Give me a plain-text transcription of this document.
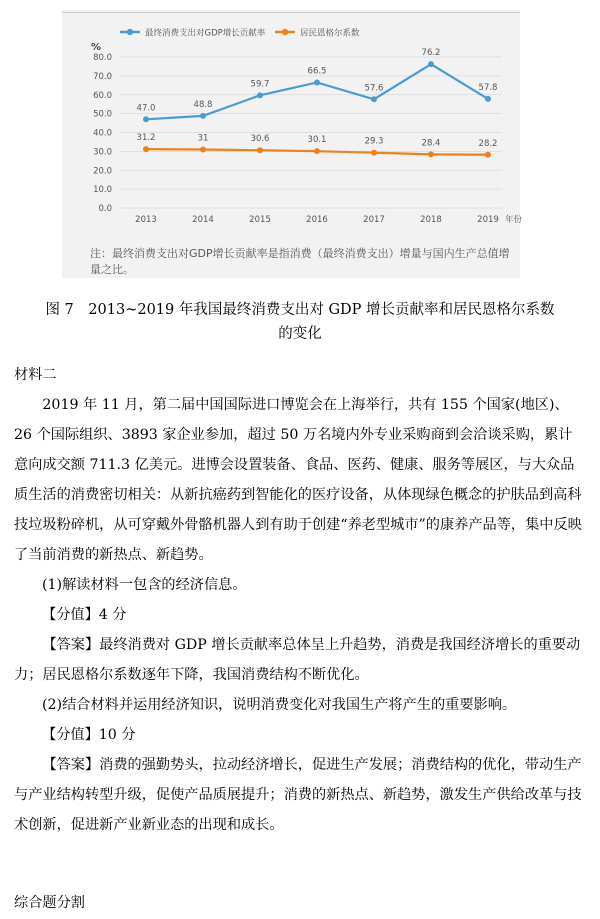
最终消费支出对GDP增长贡献率	居民恩格尔系数
%
年份
0.0
10.0
20.0
30.0
40.0
50.0
60.0
70.0
80.0
2013	2014	2015	2016	2017	2018	2019
47.0	48.8
59.7
66.5
57.6
76.2
57.8
31.2	31	30.6	30.1	29.3	28.4	28.2
注：最终消费支出对GDP增长贡献率是指消费（最终消费支出）增量与国内生产总值增量之比。
图 7　2013~2019 年我国最终消费支出对 GDP 增长贡献率和居民恩格尔系数
的变化

材料二

2019 年 11 月，第二届中国国际进口博览会在上海举行，共有 155 个国家(地区)、26 个国际组织、3893 家企业参加，超过 50 万名境内外专业采购商到会洽谈采购，累计意向成交额 711.3 亿美元。进博会设置装备、食品、医药、健康、服务等展区，与大众品质生活的消费密切相关：从新抗癌药到智能化的医疗设备，从体现绿色概念的护肤品到高科技垃圾粉碎机，从可穿戴外骨骼机器人到有助于创建“养老型城市”的康养产品等，集中反映了当前消费的新热点、新趋势。

(1)解读材料一包含的经济信息。

【分值】4 分

【答案】最终消费对 GDP 增长贡献率总体呈上升趋势，消费是我国经济增长的重要动力；居民恩格尔系数逐年下降，我国消费结构不断优化。

(2)结合材料并运用经济知识，说明消费变化对我国生产将产生的重要影响。

【分值】10 分

【答案】消费的强勤势头，拉动经济增长，促进生产发展；消费结构的优化，带动生产与产业结构转型升级，促使产品质展提升；消费的新热点、新趋势，激发生产供给改革与技术创新，促进新产业新业态的出现和成长。

综合题分割
